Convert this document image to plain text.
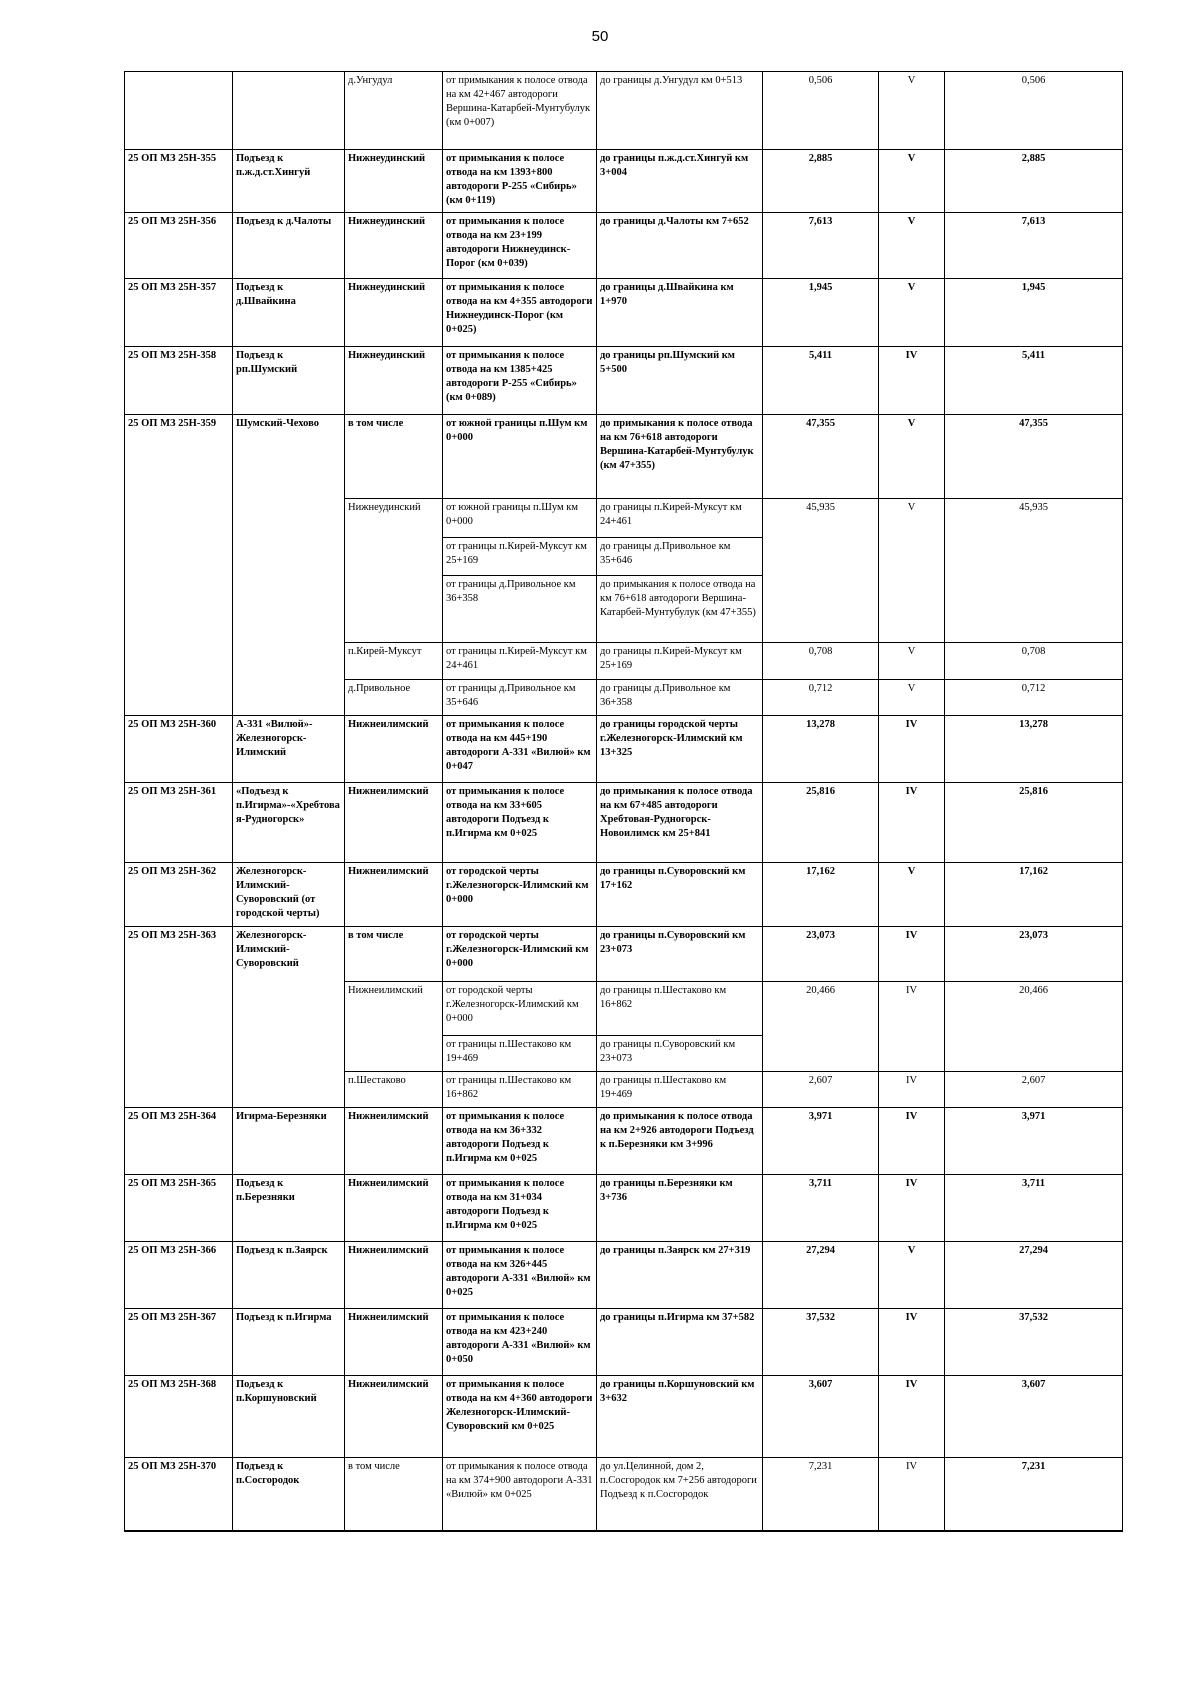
50
		д.Унгудул	от примыкания к полосе отвода на км 42+467 автодороги Вершина-Катарбей-Мунтубулук (км 0+007)	до границы д.Унгудул км 0+513	0,506	V	0,506
25 ОП МЗ 25Н-355	Подъезд к п.ж.д.ст.Хингуй	Нижнеудинский	от примыкания к полосе отвода на км 1393+800 автодороги Р-255 «Сибирь» (км 0+119)	до границы п.ж.д.ст.Хингуй км 3+004	2,885	V	2,885
25 ОП МЗ 25Н-356	Подъезд к д.Чалоты	Нижнеудинский	от примыкания к полосе отвода на км 23+199 автодороги Нижнеудинск-Порог (км 0+039)	до границы д.Чалоты км 7+652	7,613	V	7,613
25 ОП МЗ 25Н-357	Подъезд к д.Швайкина	Нижнеудинский	от примыкания к полосе отвода на км 4+355 автодороги Нижнеудинск-Порог (км 0+025)	до границы д.Швайкина км 1+970	1,945	V	1,945
25 ОП МЗ 25Н-358	Подъезд к рп.Шумский	Нижнеудинский	от примыкания к полосе отвода на км 1385+425 автодороги Р-255 «Сибирь» (км 0+089)	до границы рп.Шумский км 5+500	5,411	IV	5,411
25 ОП МЗ 25Н-359	Шумский-Чехово	в том числе	от южной границы п.Шум км 0+000	до примыкания к полосе отвода на км 76+618 автодороги Вершина-Катарбей-Мунтубулук (км 47+355)	47,355	V	47,355
		Нижнеудинский	от южной границы п.Шум км 0+000	до границы п.Кирей-Муксут км 24+461	45,935	V	45,935
			от границы п.Кирей-Муксут км 25+169	до границы д.Привольное км 35+646			
			от границы д.Привольное км 36+358	до примыкания к полосе отвода на км 76+618 автодороги Вершина-Катарбей-Мунтубулук (км 47+355)			
		п.Кирей-Муксут	от границы п.Кирей-Муксут км 24+461	до границы п.Кирей-Муксут км 25+169	0,708	V	0,708
		д.Привольное	от границы д.Привольное км 35+646	до границы д.Привольное км 36+358	0,712	V	0,712
25 ОП МЗ 25Н-360	А-331 «Вилюй»-Железногорск-Илимский	Нижнеилимский	от примыкания к полосе отвода на км 445+190 автодороги А-331 «Вилюй» км 0+047	до границы городской черты г.Железногорск-Илимский км 13+325	13,278	IV	13,278
25 ОП МЗ 25Н-361	«Подъезд к п.Игирма»-«Хребтовая-Рудногорск»	Нижнеилимский	от примыкания к полосе отвода на км 33+605 автодороги Подъезд к п.Игирма км 0+025	до примыкания к полосе отвода на км 67+485 автодороги Хребтовая-Рудногорск-Новоилимск км 25+841	25,816	IV	25,816
25 ОП МЗ 25Н-362	Железногорск-Илимский-Суворовский (от городской черты)	Нижнеилимский	от городской черты г.Железногорск-Илимский км 0+000	до границы п.Суворовский км 17+162	17,162	V	17,162
25 ОП МЗ 25Н-363	Железногорск-Илимский-Суворовский	в том числе	от городской черты г.Железногорск-Илимский км 0+000	до границы п.Суворовский км 23+073	23,073	IV	23,073
		Нижнеилимский	от городской черты г.Железногорск-Илимский км 0+000	до границы п.Шестаково км 16+862	20,466	IV	20,466
			от границы п.Шестаково км 19+469	до границы п.Суворовский км 23+073			
		п.Шестаково	от границы п.Шестаково км 16+862	до границы п.Шестаково км 19+469	2,607	IV	2,607
25 ОП МЗ 25Н-364	Игирма-Березняки	Нижнеилимский	от примыкания к полосе отвода на км 36+332 автодороги Подъезд к п.Игирма км 0+025	до примыкания к полосе отвода на км 2+926 автодороги Подъезд к п.Березняки км 3+996	3,971	IV	3,971
25 ОП МЗ 25Н-365	Подъезд к п.Березняки	Нижнеилимский	от примыкания к полосе отвода на км 31+034 автодороги Подъезд к п.Игирма км 0+025	до границы п.Березняки км 3+736	3,711	IV	3,711
25 ОП МЗ 25Н-366	Подъезд к п.Заярск	Нижнеилимский	от примыкания к полосе отвода на км 326+445 автодороги А-331 «Вилюй» км 0+025	до границы п.Заярск км 27+319	27,294	V	27,294
25 ОП МЗ 25Н-367	Подъезд к п.Игирма	Нижнеилимский	от примыкания к полосе отвода на км 423+240 автодороги А-331 «Вилюй» км 0+050	до границы п.Игирма км 37+582	37,532	IV	37,532
25 ОП МЗ 25Н-368	Подъезд к п.Коршуновский	Нижнеилимский	от примыкания к полосе отвода на км 4+360 автодороги Железногорск-Илимский-Суворовский км 0+025	до границы п.Коршуновский км 3+632	3,607	IV	3,607
25 ОП МЗ 25Н-370	Подъезд к п.Сосгородок	в том числе	от примыкания к полосе отвода на км 374+900 автодороги А-331 «Вилюй» км 0+025	до ул.Целинной, дом 2, п.Сосгородок км 7+256 автодороги Подъезд к п.Сосгородок	7,231	IV	7,231
